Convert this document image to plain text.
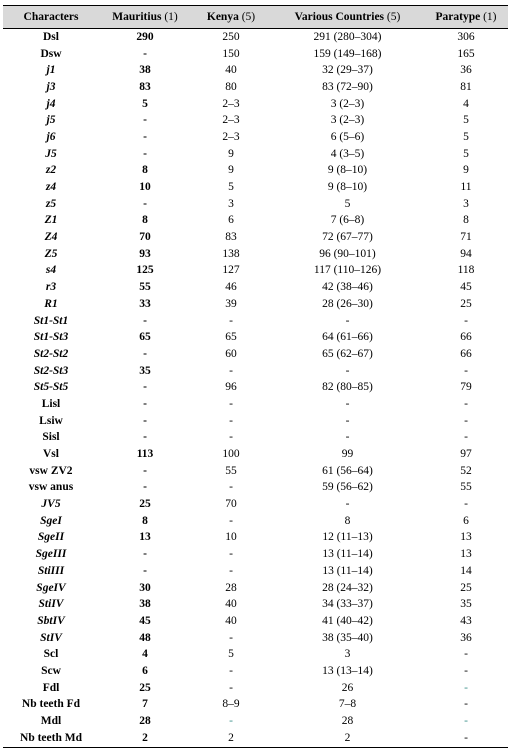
Characters	Mauritius (1)	Kenya (5)	Various Countries (5)	Paratype (1)
Dsl	290	250	291 (280–304)	306
Dsw	-	150	159 (149–168)	165
j1	38	40	32 (29–37)	36
j3	83	80	83 (72–90)	81
j4	5	2–3	3 (2–3)	4
j5	-	2–3	3 (2–3)	5
j6	-	2–3	6 (5–6)	5
J5	-	9	4 (3–5)	5
z2	8	9	9 (8–10)	9
z4	10	5	9 (8–10)	11
z5	-	3	5	3
Z1	8	6	7 (6–8)	8
Z4	70	83	72 (67–77)	71
Z5	93	138	96 (90–101)	94
s4	125	127	117 (110–126)	118
r3	55	46	42 (38–46)	45
R1	33	39	28 (26–30)	25
St1-St1	-	-	-	-
St1-St3	65	65	64 (61–66)	66
St2-St2	-	60	65 (62–67)	66
St2-St3	35	-	-	-
St5-St5	-	96	82 (80–85)	79
Lisl	-	-	-	-
Lsiw	-	-	-	-
Sisl	-	-	-	-
Vsl	113	100	99	97
vsw ZV2	-	55	61 (56–64)	52
vsw anus	-	-	59 (56–62)	55
JV5	25	70	-	-
SgeI	8	-	8	6
SgeII	13	10	12 (11–13)	13
SgeIII	-	-	13 (11–14)	13
StiIII	-	-	13 (11–14)	14
SgeIV	30	28	28 (24–32)	25
StiIV	38	40	34 (33–37)	35
SbtIV	45	40	41 (40–42)	43
StIV	48	-	38 (35–40)	36
Scl	4	5	3	-
Scw	6	-	13 (13–14)	-
Fdl	25	-	26	-
Nb teeth Fd	7	8–9	7–8	-
Mdl	28	-	28	-
Nb teeth Md	2	2	2	-
